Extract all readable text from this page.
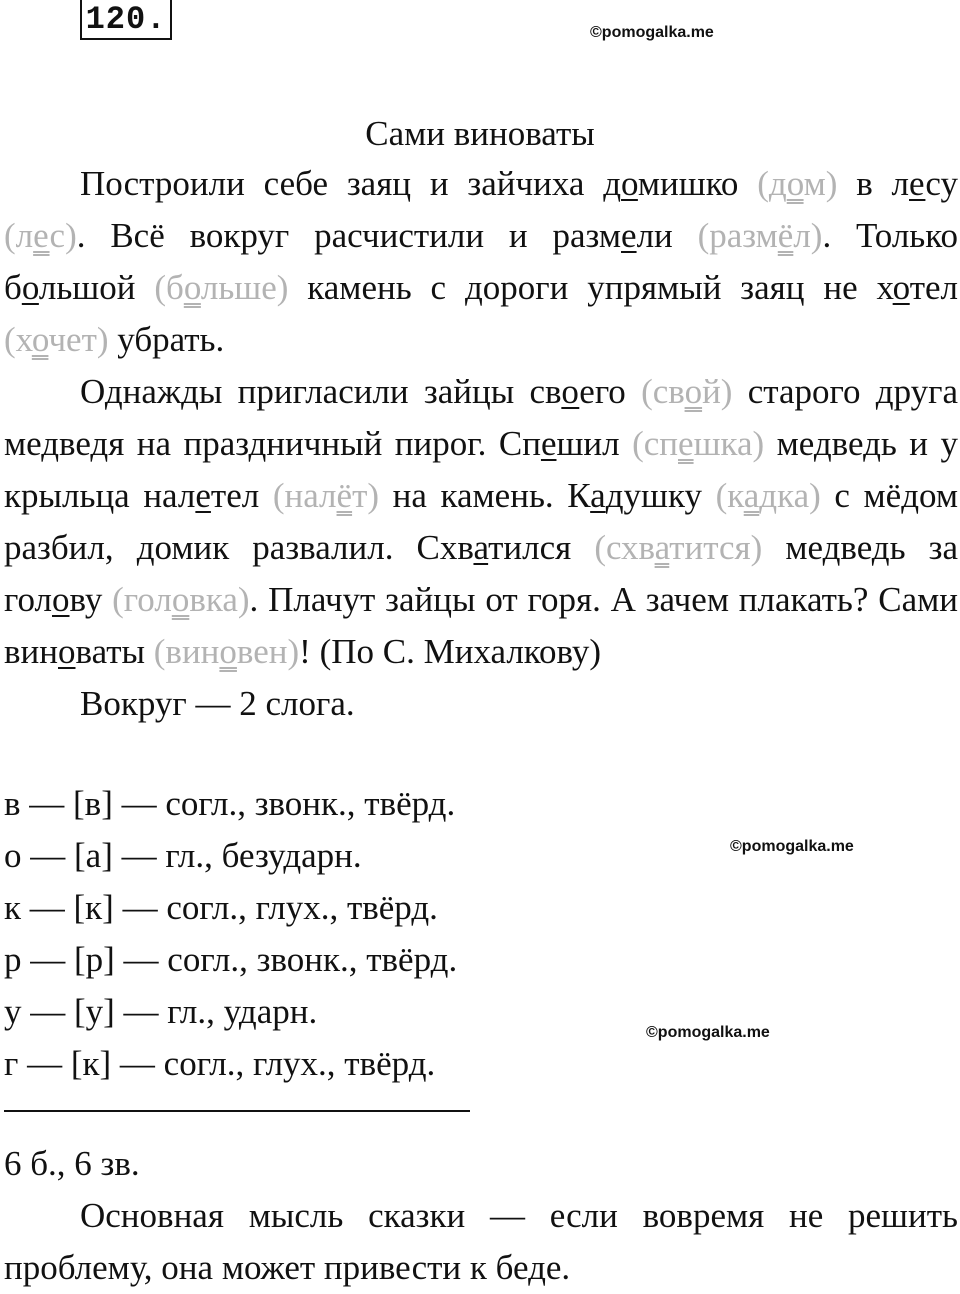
120.	©pomogalka.me
Сами виноваты

Построили себе заяц и зайчиха домишко (дом) в лесу (лес). Всё вокруг расчистили и размели (размёл). Только большой (больше) камень с дороги упрямый заяц не хотел (хочет) убрать.

Однажды пригласили зайцы своего (свой) старого друга медведя на праздничный пирог. Спешил (спешка) медведь и у крыльца налетел (налёт) на камень. Кадушку (кадка) с мёдом разбил, домик развалил. Схватился (схватится) медведь за голову (головка). Плачут зайцы от горя. А зачем плакать? Сами виноваты (виновен)! (По С. Михалкову)

Вокруг — 2 слога.

в — [в] — согл., звонк., твёрд.
о — [а] — гл., безударн.
к — [к] — согл., глух., твёрд.
р — [р] — согл., звонк., твёрд.
у — [у] — гл., ударн.
г — [к] — согл., глух., твёрд.
©pomogalka.me
©pomogalka.me

6 б., 6 зв.

Основная мысль сказки — если вовремя не решить проблему, она может привести к беде.
